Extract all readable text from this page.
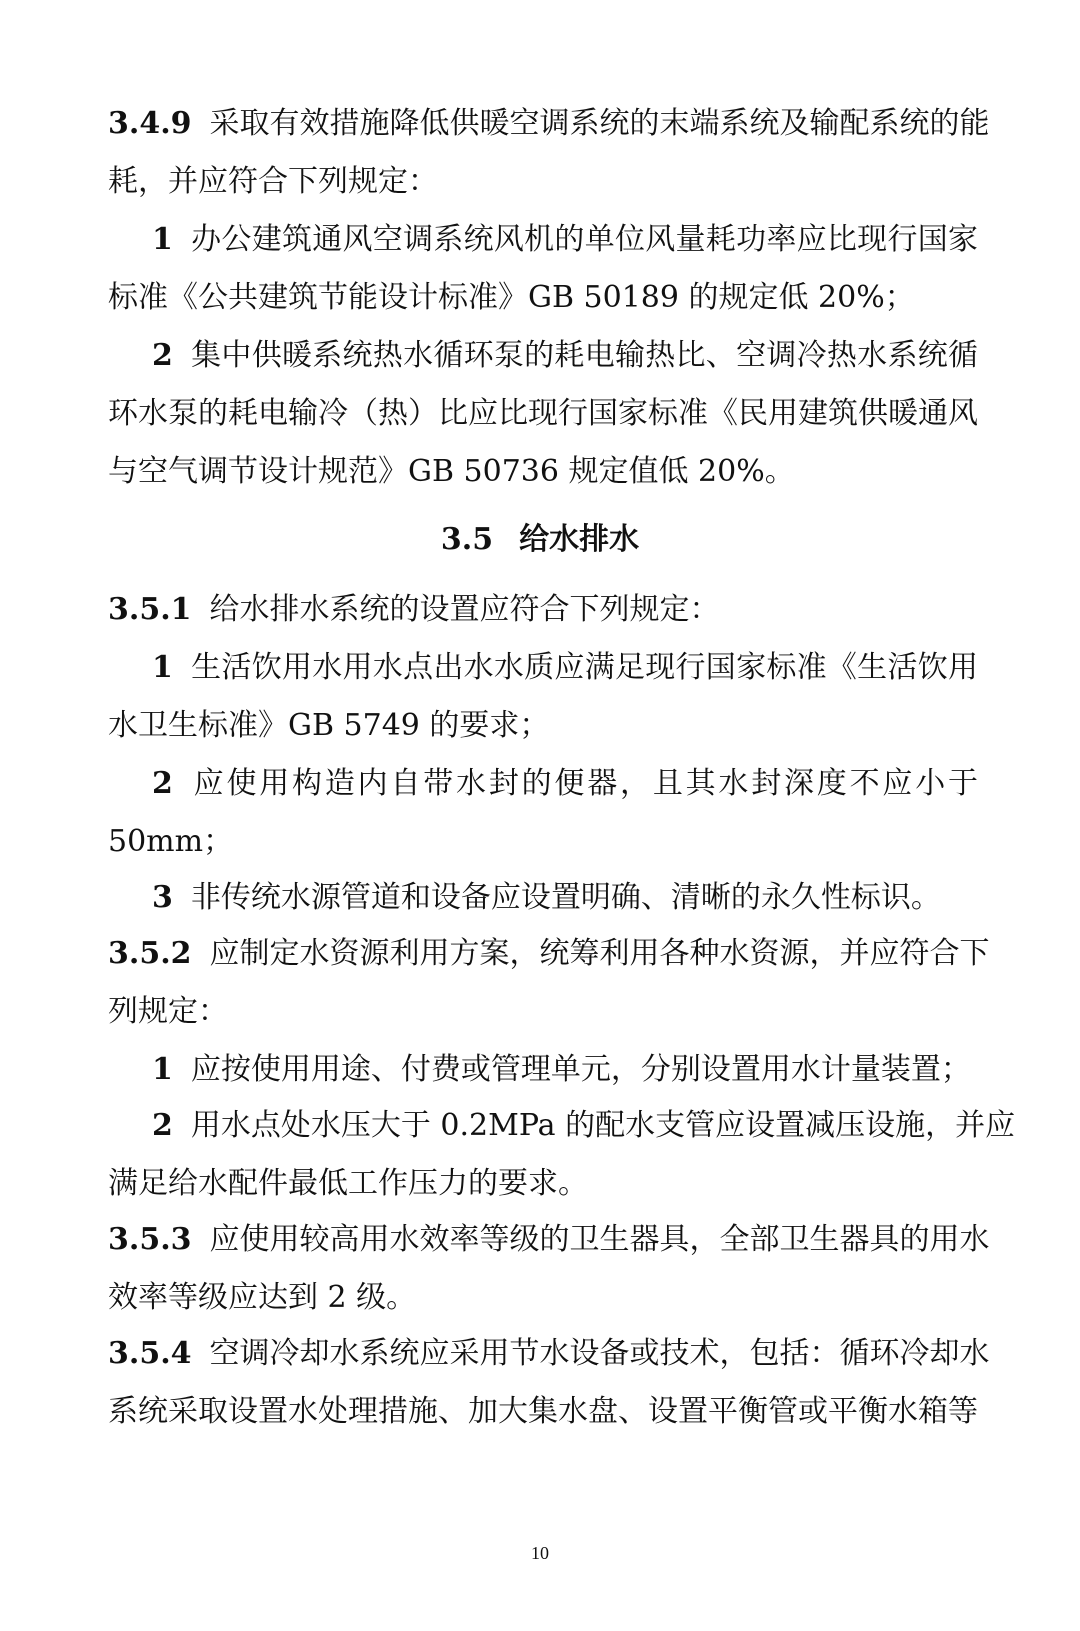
3.4.9 采取有效措施降低供暖空调系统的末端系统及输配系统的能
耗，并应符合下列规定：
1 办公建筑通风空调系统风机的单位风量耗功率应比现行国家
标准《公共建筑节能设计标准》GB 50189 的规定低 20%；
2 集中供暖系统热水循环泵的耗电输热比、空调冷热水系统循
环水泵的耗电输冷（热）比应比现行国家标准《民用建筑供暖通风
与空气调节设计规范》GB 50736 规定值低 20%。
3.5 给水排水
3.5.1 给水排水系统的设置应符合下列规定：
1 生活饮用水用水点出水水质应满足现行国家标准《生活饮用
水卫生标准》GB 5749 的要求；
2 应使用构造内自带水封的便器，且其水封深度不应小于
50mm；
3 非传统水源管道和设备应设置明确、清晰的永久性标识。
3.5.2 应制定水资源利用方案，统筹利用各种水资源，并应符合下
列规定：
1 应按使用用途、付费或管理单元，分别设置用水计量装置；
2 用水点处水压大于 0.2MPa 的配水支管应设置减压设施，并应
满足给水配件最低工作压力的要求。
3.5.3 应使用较高用水效率等级的卫生器具，全部卫生器具的用水
效率等级应达到 2 级。
3.5.4 空调冷却水系统应采用节水设备或技术，包括：循环冷却水
系统采取设置水处理措施、加大集水盘、设置平衡管或平衡水箱等
10
